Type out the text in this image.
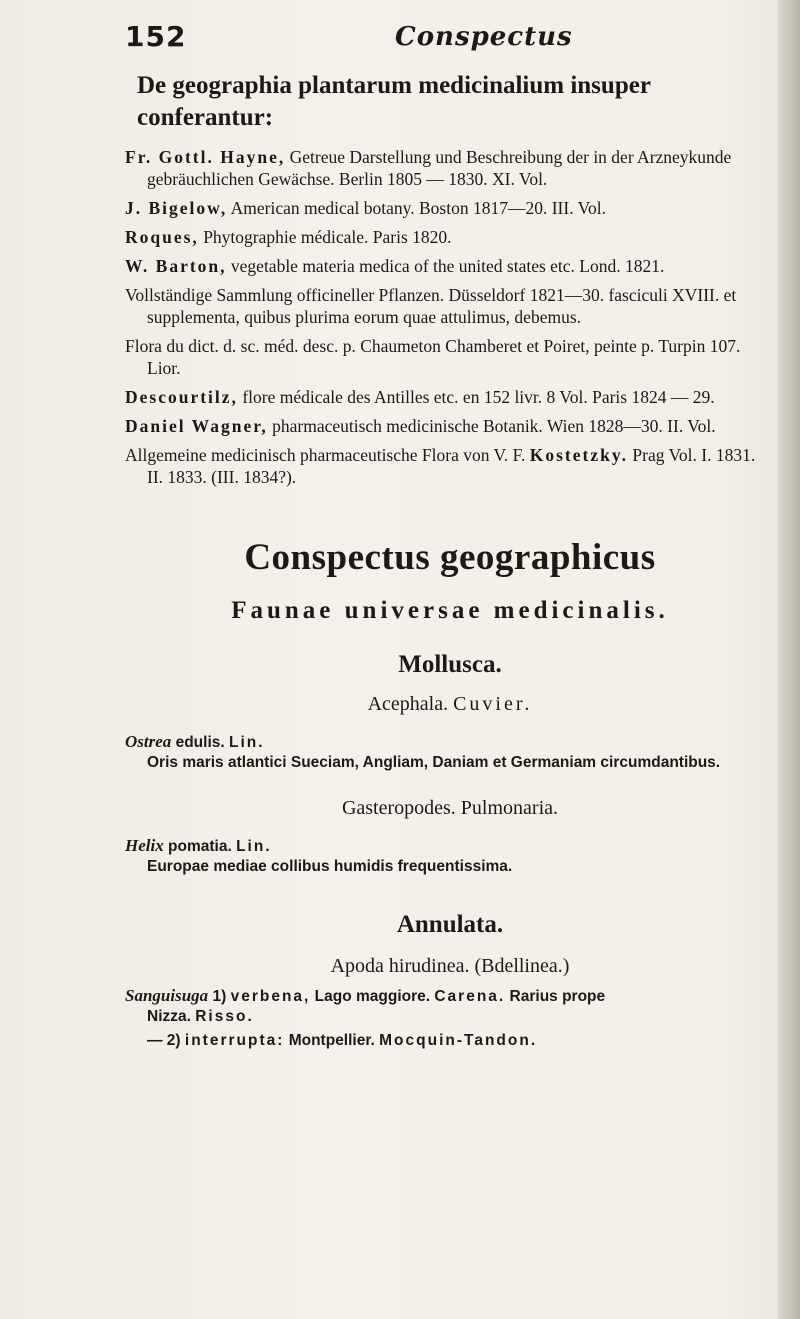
152	Conspectus
De geographia plantarum medicinalium insuper conferantur:
Fr. Gottl. Hayne, Getreue Darstellung und Beschreibung der in der Arzneykunde gebräuchlichen Gewächse. Berlin 1805 — 1830. XI. Vol.
J. Bigelow, American medical botany. Boston 1817—20. III. Vol.
Roques, Phytographie médicale. Paris 1820.
W. Barton, vegetable materia medica of the united states etc. Lond. 1821.
Vollständige Sammlung officineller Pflanzen. Düsseldorf 1821—30. fasciculi XVIII. et supplementa, quibus plurima eorum quae attulimus, debemus.
Flora du dict. d. sc. méd. desc. p. Chaumeton Chamberet et Poiret, peinte p. Turpin 107. Lior.
Descourtilz, flore médicale des Antilles etc. en 152 livr. 8 Vol. Paris 1824 — 29.
Daniel Wagner, pharmaceutisch medicinische Botanik. Wien 1828—30. II. Vol.
Allgemeine medicinisch pharmaceutische Flora von V. F. Kostetzky. Prag Vol. I. 1831. II. 1833. (III. 1834?).
Conspectus geographicus
Faunae universae medicinalis.
Mollusca.
Acephala. Cuvier.
Ostrea edulis. Lin.
Oris maris atlantici Sueciam, Angliam, Daniam et Germaniam circumdantibus.
Gasteropodes. Pulmonaria.
Helix pomatia. Lin.
Europae mediae collibus humidis frequentissima.
Annulata.
Apoda hirudinea. (Bdellinea.)
Sanguisuga 1) verbena, Lago maggiore. Carena. Rarius prope
Nizza. Risso.
— 2) interrupta: Montpellier. Mocquin-Tandon.
